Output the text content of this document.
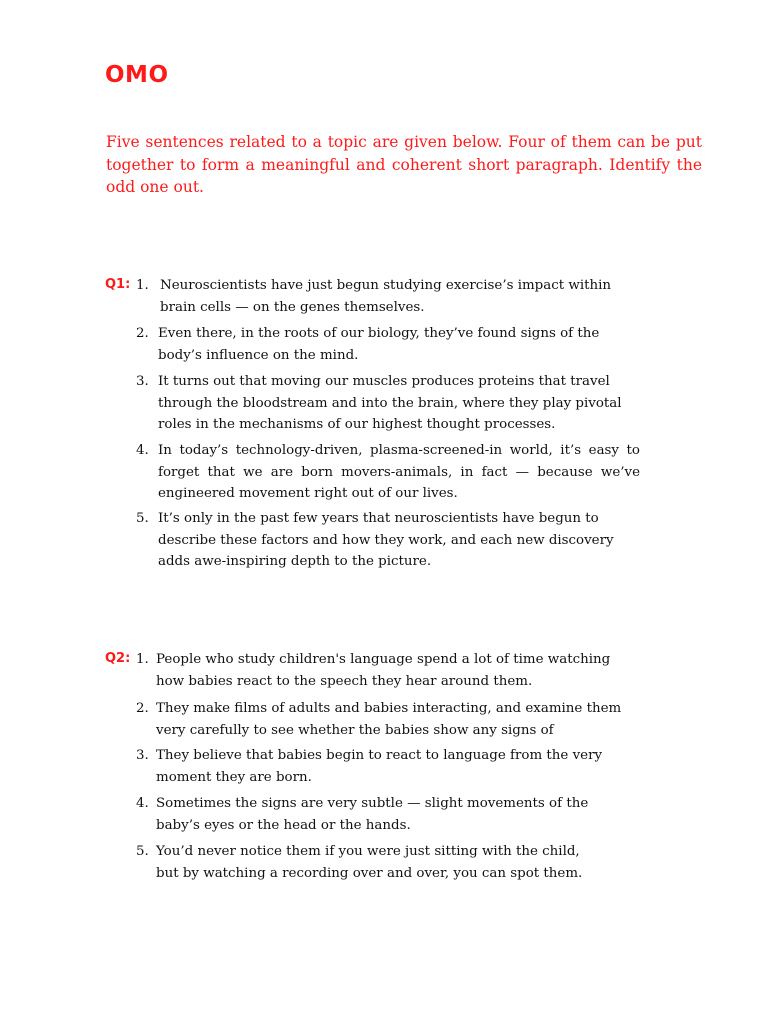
OMO
Five sentences related to a topic are given below. Four of them can be put together to form a meaningful and coherent short paragraph. Identify the odd one out.
Q1: 1. Neuroscientists have just begun studying exercise’s impact within brain cells — on the genes themselves.
2. Even there, in the roots of our biology, they’ve found signs of the body’s influence on the mind.
3. It turns out that moving our muscles produces proteins that travel through the bloodstream and into the brain, where they play pivotal roles in the mechanisms of our highest thought processes.
4. In today’s technology-driven, plasma-screened-in world, it’s easy to forget that we are born movers-animals, in fact — because we’ve engineered movement right out of our lives.
5. It’s only in the past few years that neuroscientists have begun to describe these factors and how they work, and each new discovery adds awe-inspiring depth to the picture.
Q2: 1. People who study children's language spend a lot of time watching how babies react to the speech they hear around them.
2. They make films of adults and babies interacting, and examine them very carefully to see whether the babies show any signs of
3. They believe that babies begin to react to language from the very moment they are born.
4. Sometimes the signs are very subtle — slight movements of the baby’s eyes or the head or the hands.
5. You’d never notice them if you were just sitting with the child, but by watching a recording over and over, you can spot them.
